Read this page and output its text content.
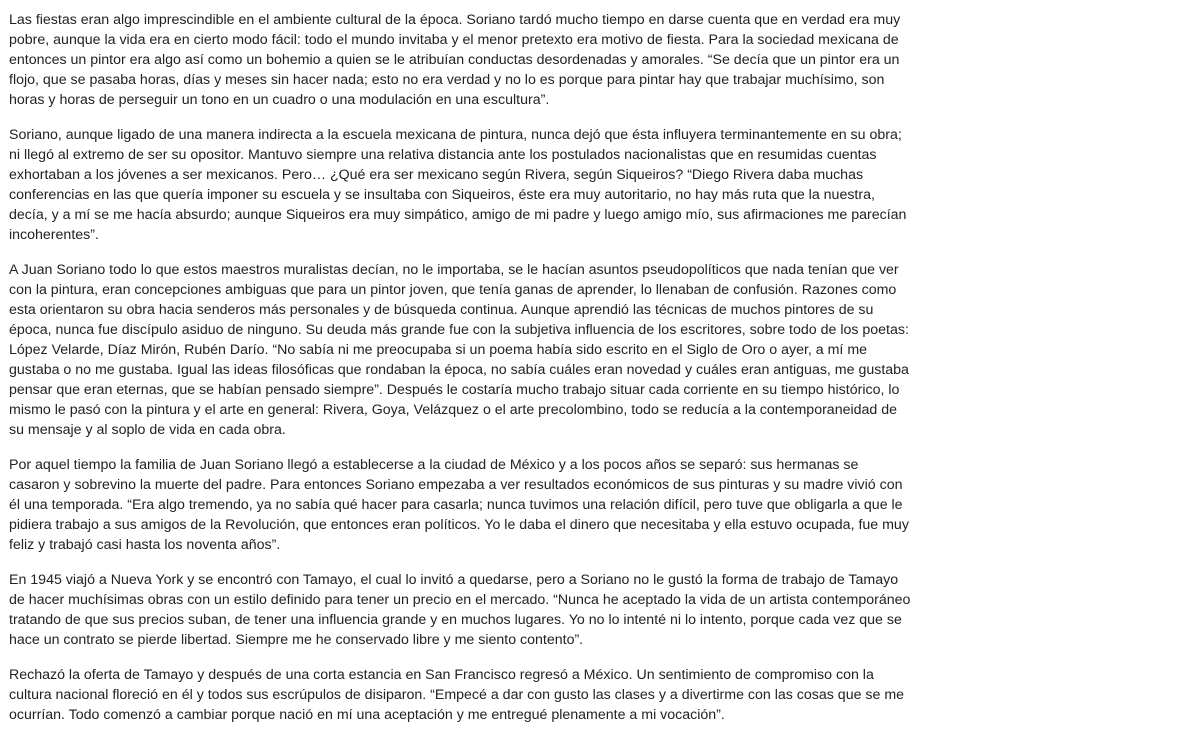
Las fiestas eran algo imprescindible en el ambiente cultural de la época. Soriano tardó mucho tiempo en darse cuenta que en verdad era muy pobre, aunque la vida era en cierto modo fácil: todo el mundo invitaba y el menor pretexto era motivo de fiesta. Para la sociedad mexicana de entonces un pintor era algo así como un bohemio a quien se le atribuían conductas desordenadas y amorales. “Se decía que un pintor era un flojo, que se pasaba horas, días y meses sin hacer nada; esto no era verdad y no lo es porque para pintar hay que trabajar muchísimo, son horas y horas de perseguir un tono en un cuadro o una modulación en una escultura”.

Soriano, aunque ligado de una manera indirecta a la escuela mexicana de pintura, nunca dejó que ésta influyera terminantemente en su obra; ni llegó al extremo de ser su opositor. Mantuvo siempre una relativa distancia ante los postulados nacionalistas que en resumidas cuentas exhortaban a los jóvenes a ser mexicanos. Pero… ¿Qué era ser mexicano según Rivera, según Siqueiros? “Diego Rivera daba muchas conferencias en las que quería imponer su escuela y se insultaba con Siqueiros, éste era muy autoritario, no hay más ruta que la nuestra, decía, y a mí se me hacía absurdo; aunque Siqueiros era muy simpático, amigo de mi padre y luego amigo mío, sus afirmaciones me parecían incoherentes”.

A Juan Soriano todo lo que estos maestros muralistas decían, no le importaba, se le hacían asuntos pseudopolíticos que nada tenían que ver con la pintura, eran concepciones ambiguas que para un pintor joven, que tenía ganas de aprender, lo llenaban de confusión. Razones como esta orientaron su obra hacia senderos más personales y de búsqueda continua. Aunque aprendió las técnicas de muchos pintores de su época, nunca fue discípulo asiduo de ninguno. Su deuda más grande fue con la subjetiva influencia de los escritores, sobre todo de los poetas: López Velarde, Díaz Mirón, Rubén Darío. “No sabía ni me preocupaba si un poema había sido escrito en el Siglo de Oro o ayer, a mí me gustaba o no me gustaba. Igual las ideas filosóficas que rondaban la época, no sabía cuáles eran novedad y cuáles eran antiguas, me gustaba pensar que eran eternas, que se habían pensado siempre”. Después le costaría mucho trabajo situar cada corriente en su tiempo histórico, lo mismo le pasó con la pintura y el arte en general: Rivera, Goya, Velázquez o el arte precolombino, todo se reducía a la contemporaneidad de su mensaje y al soplo de vida en cada obra.

Por aquel tiempo la familia de Juan Soriano llegó a establecerse a la ciudad de México y a los pocos años se separó: sus hermanas se casaron y sobrevino la muerte del padre. Para entonces Soriano empezaba a ver resultados económicos de sus pinturas y su madre vivió con él una temporada. “Era algo tremendo, ya no sabía qué hacer para casarla; nunca tuvimos una relación difícil, pero tuve que obligarla a que le pidiera trabajo a sus amigos de la Revolución, que entonces eran políticos. Yo le daba el dinero que necesitaba y ella estuvo ocupada, fue muy feliz y trabajó casi hasta los noventa años”.

En 1945 viajó a Nueva York y se encontró con Tamayo, el cual lo invitó a quedarse, pero a Soriano no le gustó la forma de trabajo de Tamayo de hacer muchísimas obras con un estilo definido para tener un precio en el mercado. “Nunca he aceptado la vida de un artista contemporáneo tratando de que sus precios suban, de tener una influencia grande y en muchos lugares. Yo no lo intenté ni lo intento, porque cada vez que se hace un contrato se pierde libertad. Siempre me he conservado libre y me siento contento”.

Rechazó la oferta de Tamayo y después de una corta estancia en San Francisco regresó a México. Un sentimiento de compromiso con la cultura nacional floreció en él y todos sus escrúpulos de disiparon. “Empecé a dar con gusto las clases y a divertirme con las cosas que se me ocurrían. Todo comenzó a cambiar porque nació en mí una aceptación y me entregué plenamente a mi vocación”.
